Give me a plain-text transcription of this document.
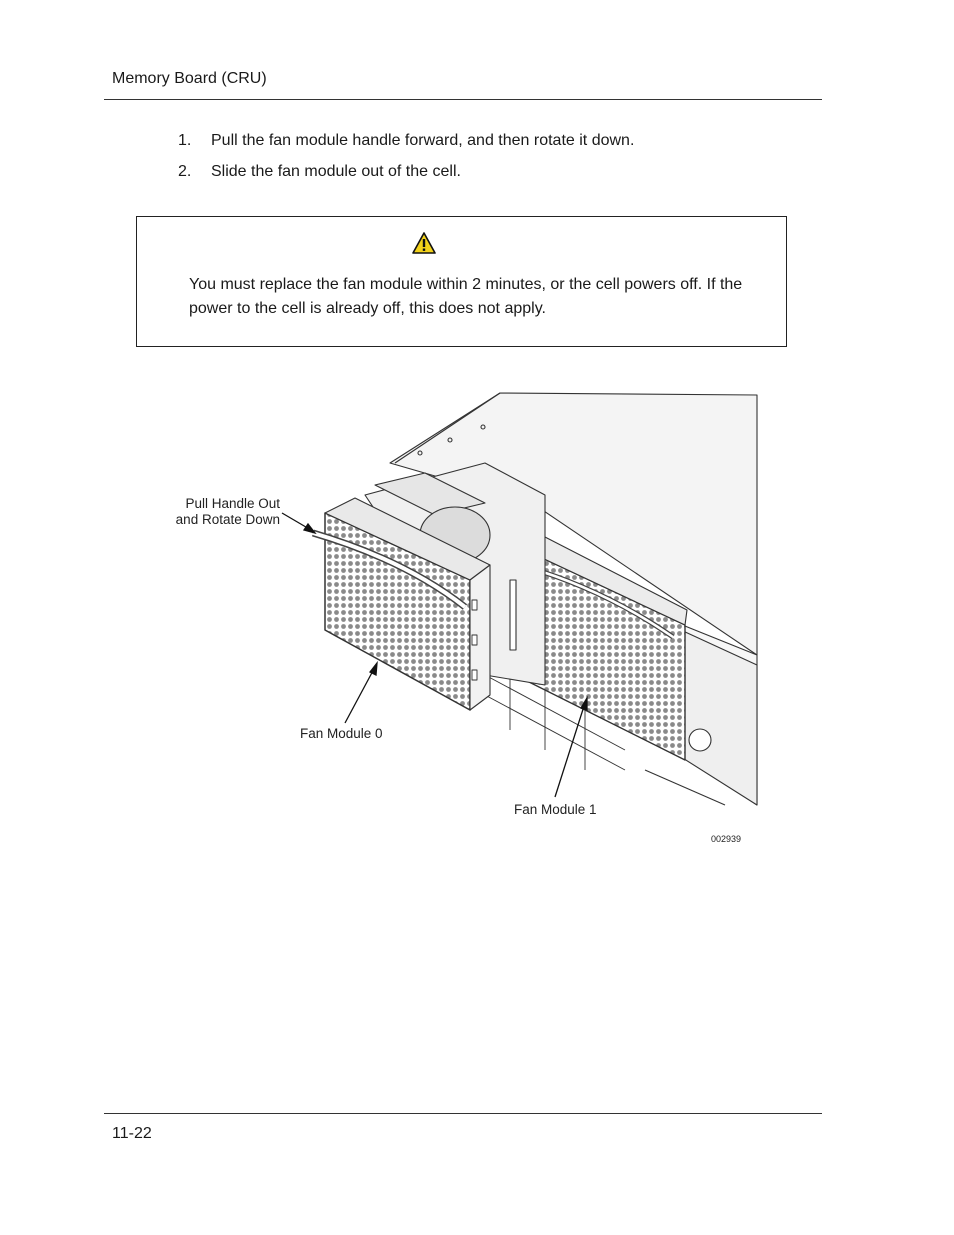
Memory Board (CRU)
1. Pull the fan module handle forward, and then rotate it down.
2. Slide the fan module out of the cell.
You must replace the fan module within 2 minutes, or the cell powers off. If the power to the cell is already off, this does not apply.
Pull Handle Out
and Rotate Down
Fan Module 0
Fan Module 1
002939
11-22
